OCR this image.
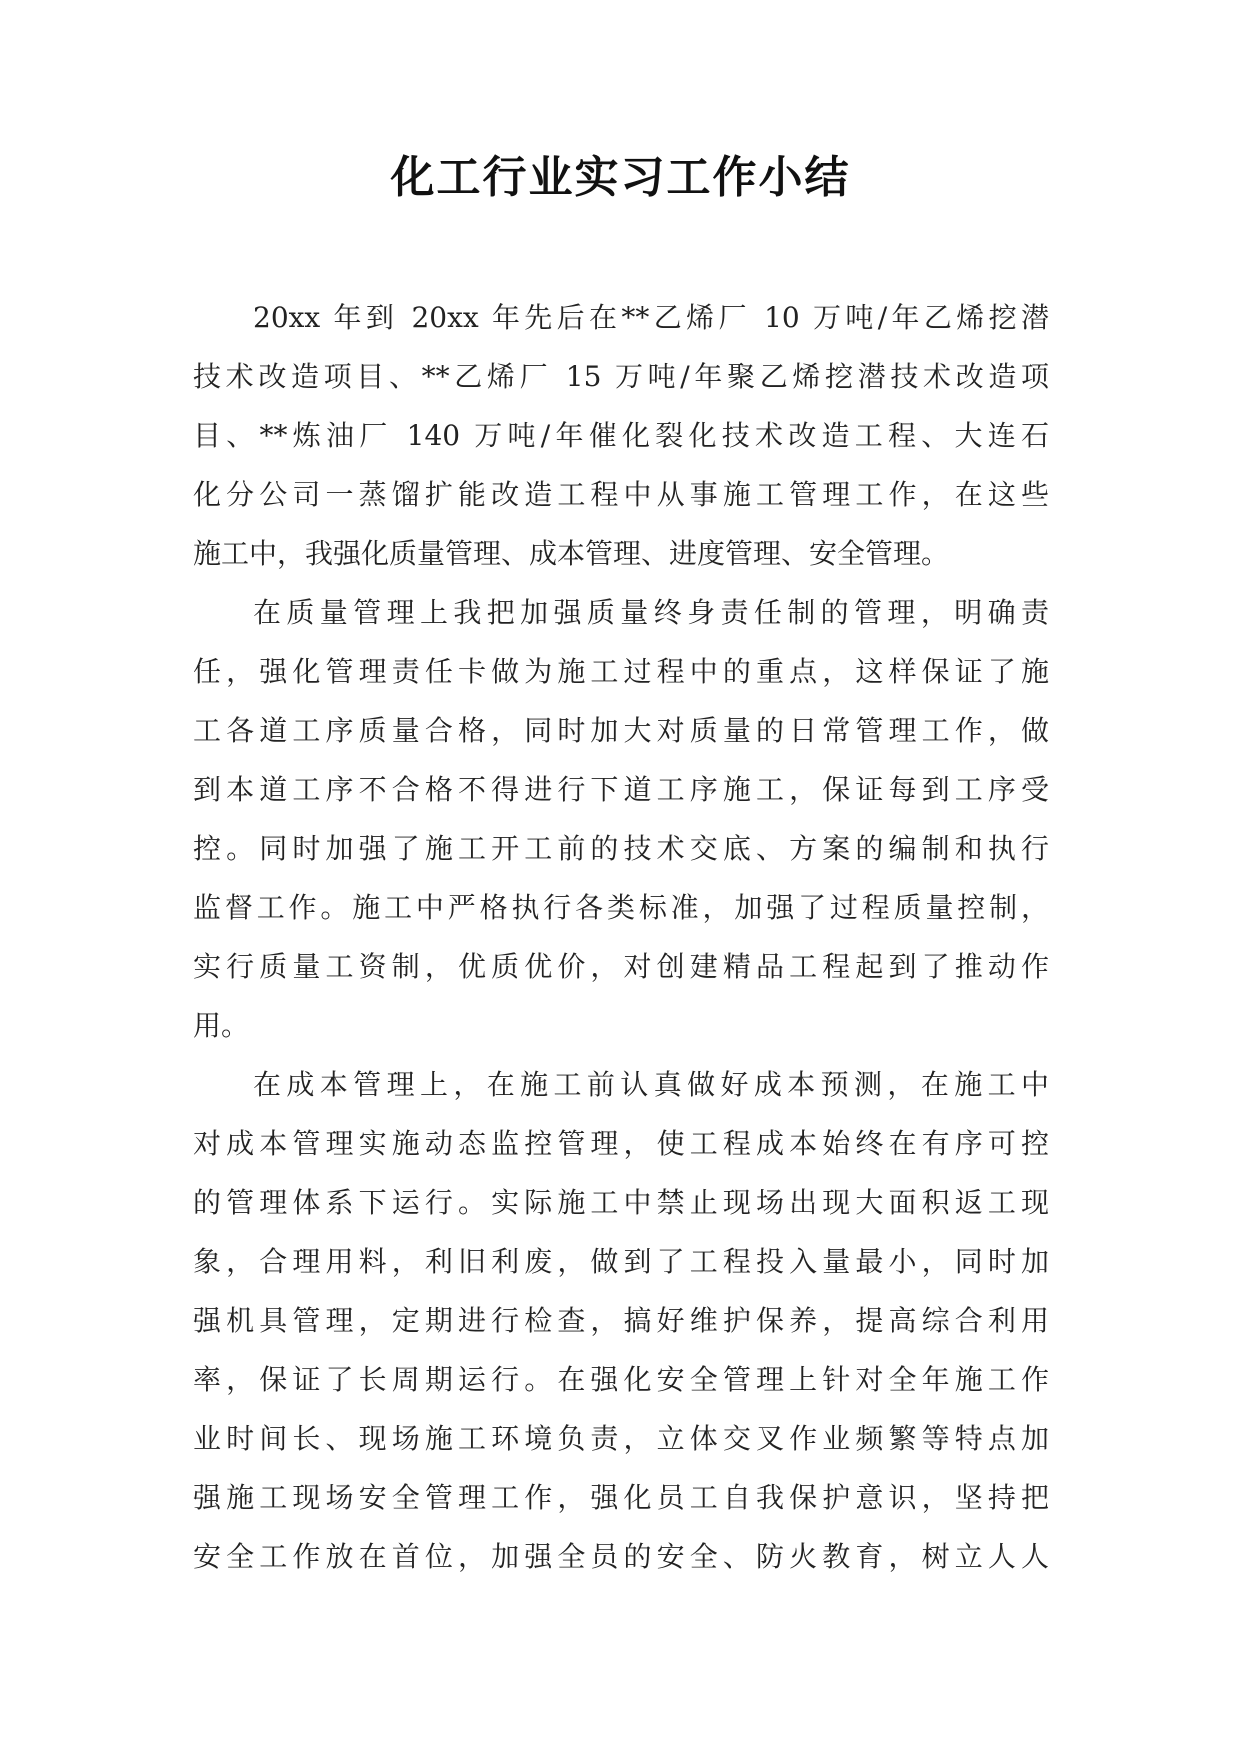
化工行业实习工作小结
20xx 年到 20xx 年先后在**乙烯厂 10 万吨/年乙烯挖潜
技术改造项目、**乙烯厂 15 万吨/年聚乙烯挖潜技术改造项
目、**炼油厂 140 万吨/年催化裂化技术改造工程、大连石
化分公司一蒸馏扩能改造工程中从事施工管理工作，在这些
施工中，我强化质量管理、成本管理、进度管理、安全管理。
在质量管理上我把加强质量终身责任制的管理，明确责
任，强化管理责任卡做为施工过程中的重点，这样保证了施
工各道工序质量合格，同时加大对质量的日常管理工作，做
到本道工序不合格不得进行下道工序施工，保证每到工序受
控。同时加强了施工开工前的技术交底、方案的编制和执行
监督工作。施工中严格执行各类标准，加强了过程质量控制，
实行质量工资制，优质优价，对创建精品工程起到了推动作
用。
在成本管理上，在施工前认真做好成本预测，在施工中
对成本管理实施动态监控管理，使工程成本始终在有序可控
的管理体系下运行。实际施工中禁止现场出现大面积返工现
象，合理用料，利旧利废，做到了工程投入量最小，同时加
强机具管理，定期进行检查，搞好维护保养，提高综合利用
率，保证了长周期运行。在强化安全管理上针对全年施工作
业时间长、现场施工环境负责，立体交叉作业频繁等特点加
强施工现场安全管理工作，强化员工自我保护意识，坚持把
安全工作放在首位，加强全员的安全、防火教育，树立人人
